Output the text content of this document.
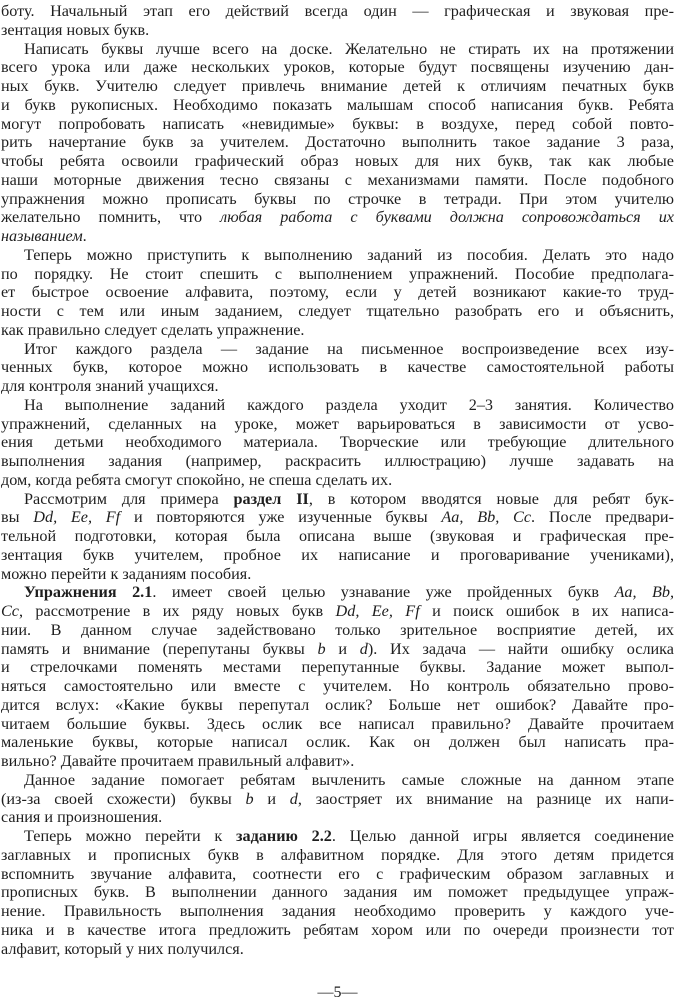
боту. Начальный этап его действий всегда один — графическая и звуковая пре-
зентация новых букв.
Написать буквы лучше всего на доске. Желательно не стирать их на протяжении
всего урока или даже нескольких уроков, которые будут посвящены изучению дан-
ных букв. Учителю следует привлечь внимание детей к отличиям печатных букв
и букв рукописных. Необходимо показать малышам способ написания букв. Ребята
могут попробовать написать «невидимые» буквы: в воздухе, перед собой повто-
рить начертание букв за учителем. Достаточно выполнить такое задание 3 раза,
чтобы ребята освоили графический образ новых для них букв, так как любые
наши моторные движения тесно связаны с механизмами памяти. После подобного
упражнения можно прописать буквы по строчке в тетради. При этом учителю
желательно помнить, что любая работа с буквами должна сопровождаться их
называнием.
Теперь можно приступить к выполнению заданий из пособия. Делать это надо
по порядку. Не стоит спешить с выполнением упражнений. Пособие предполага-
ет быстрое освоение алфавита, поэтому, если у детей возникают какие-то труд-
ности с тем или иным заданием, следует тщательно разобрать его и объяснить,
как правильно следует сделать упражнение.
Итог каждого раздела — задание на письменное воспроизведение всех изу-
ченных букв, которое можно использовать в качестве самостоятельной работы
для контроля знаний учащихся.
На выполнение заданий каждого раздела уходит 2–3 занятия. Количество
упражнений, сделанных на уроке, может варьироваться в зависимости от усво-
ения детьми необходимого материала. Творческие или требующие длительного
выполнения задания (например, раскрасить иллюстрацию) лучше задавать на
дом, когда ребята смогут спокойно, не спеша сделать их.
Рассмотрим для примера раздел II, в котором вводятся новые для ребят бук-
вы Dd, Ee, Ff и повторяются уже изученные буквы Aa, Bb, Cc. После предвари-
тельной подготовки, которая была описана выше (звуковая и графическая пре-
зентация букв учителем, пробное их написание и проговаривание учениками),
можно перейти к заданиям пособия.
Упражнения 2.1. имеет своей целью узнавание уже пройденных букв Aa, Bb,
Cc, рассмотрение в их ряду новых букв Dd, Ee, Ff и поиск ошибок в их написа-
нии. В данном случае задействовано только зрительное восприятие детей, их
память и внимание (перепутаны буквы b и d). Их задача — найти ошибку ослика
и стрелочками поменять местами перепутанные буквы. Задание может выпол-
няться самостоятельно или вместе с учителем. Но контроль обязательно прово-
дится вслух: «Какие буквы перепутал ослик? Больше нет ошибок? Давайте про-
читаем большие буквы. Здесь ослик все написал правильно? Давайте прочитаем
маленькие буквы, которые написал ослик. Как он должен был написать пра-
вильно? Давайте прочитаем правильный алфавит».
Данное задание помогает ребятам вычленить самые сложные на данном этапе
(из-за своей схожести) буквы b и d, заостряет их внимание на разнице их напи-
сания и произношения.
Теперь можно перейти к заданию 2.2. Целью данной игры является соединение
заглавных и прописных букв в алфавитном порядке. Для этого детям придется
вспомнить звучание алфавита, соотнести его с графическим образом заглавных и
прописных букв. В выполнении данного задания им поможет предыдущее упраж-
нение. Правильность выполнения задания необходимо проверить у каждого уче-
ника и в качестве итога предложить ребятам хором или по очереди произнести тот
алфавит, который у них получился.
—5—
